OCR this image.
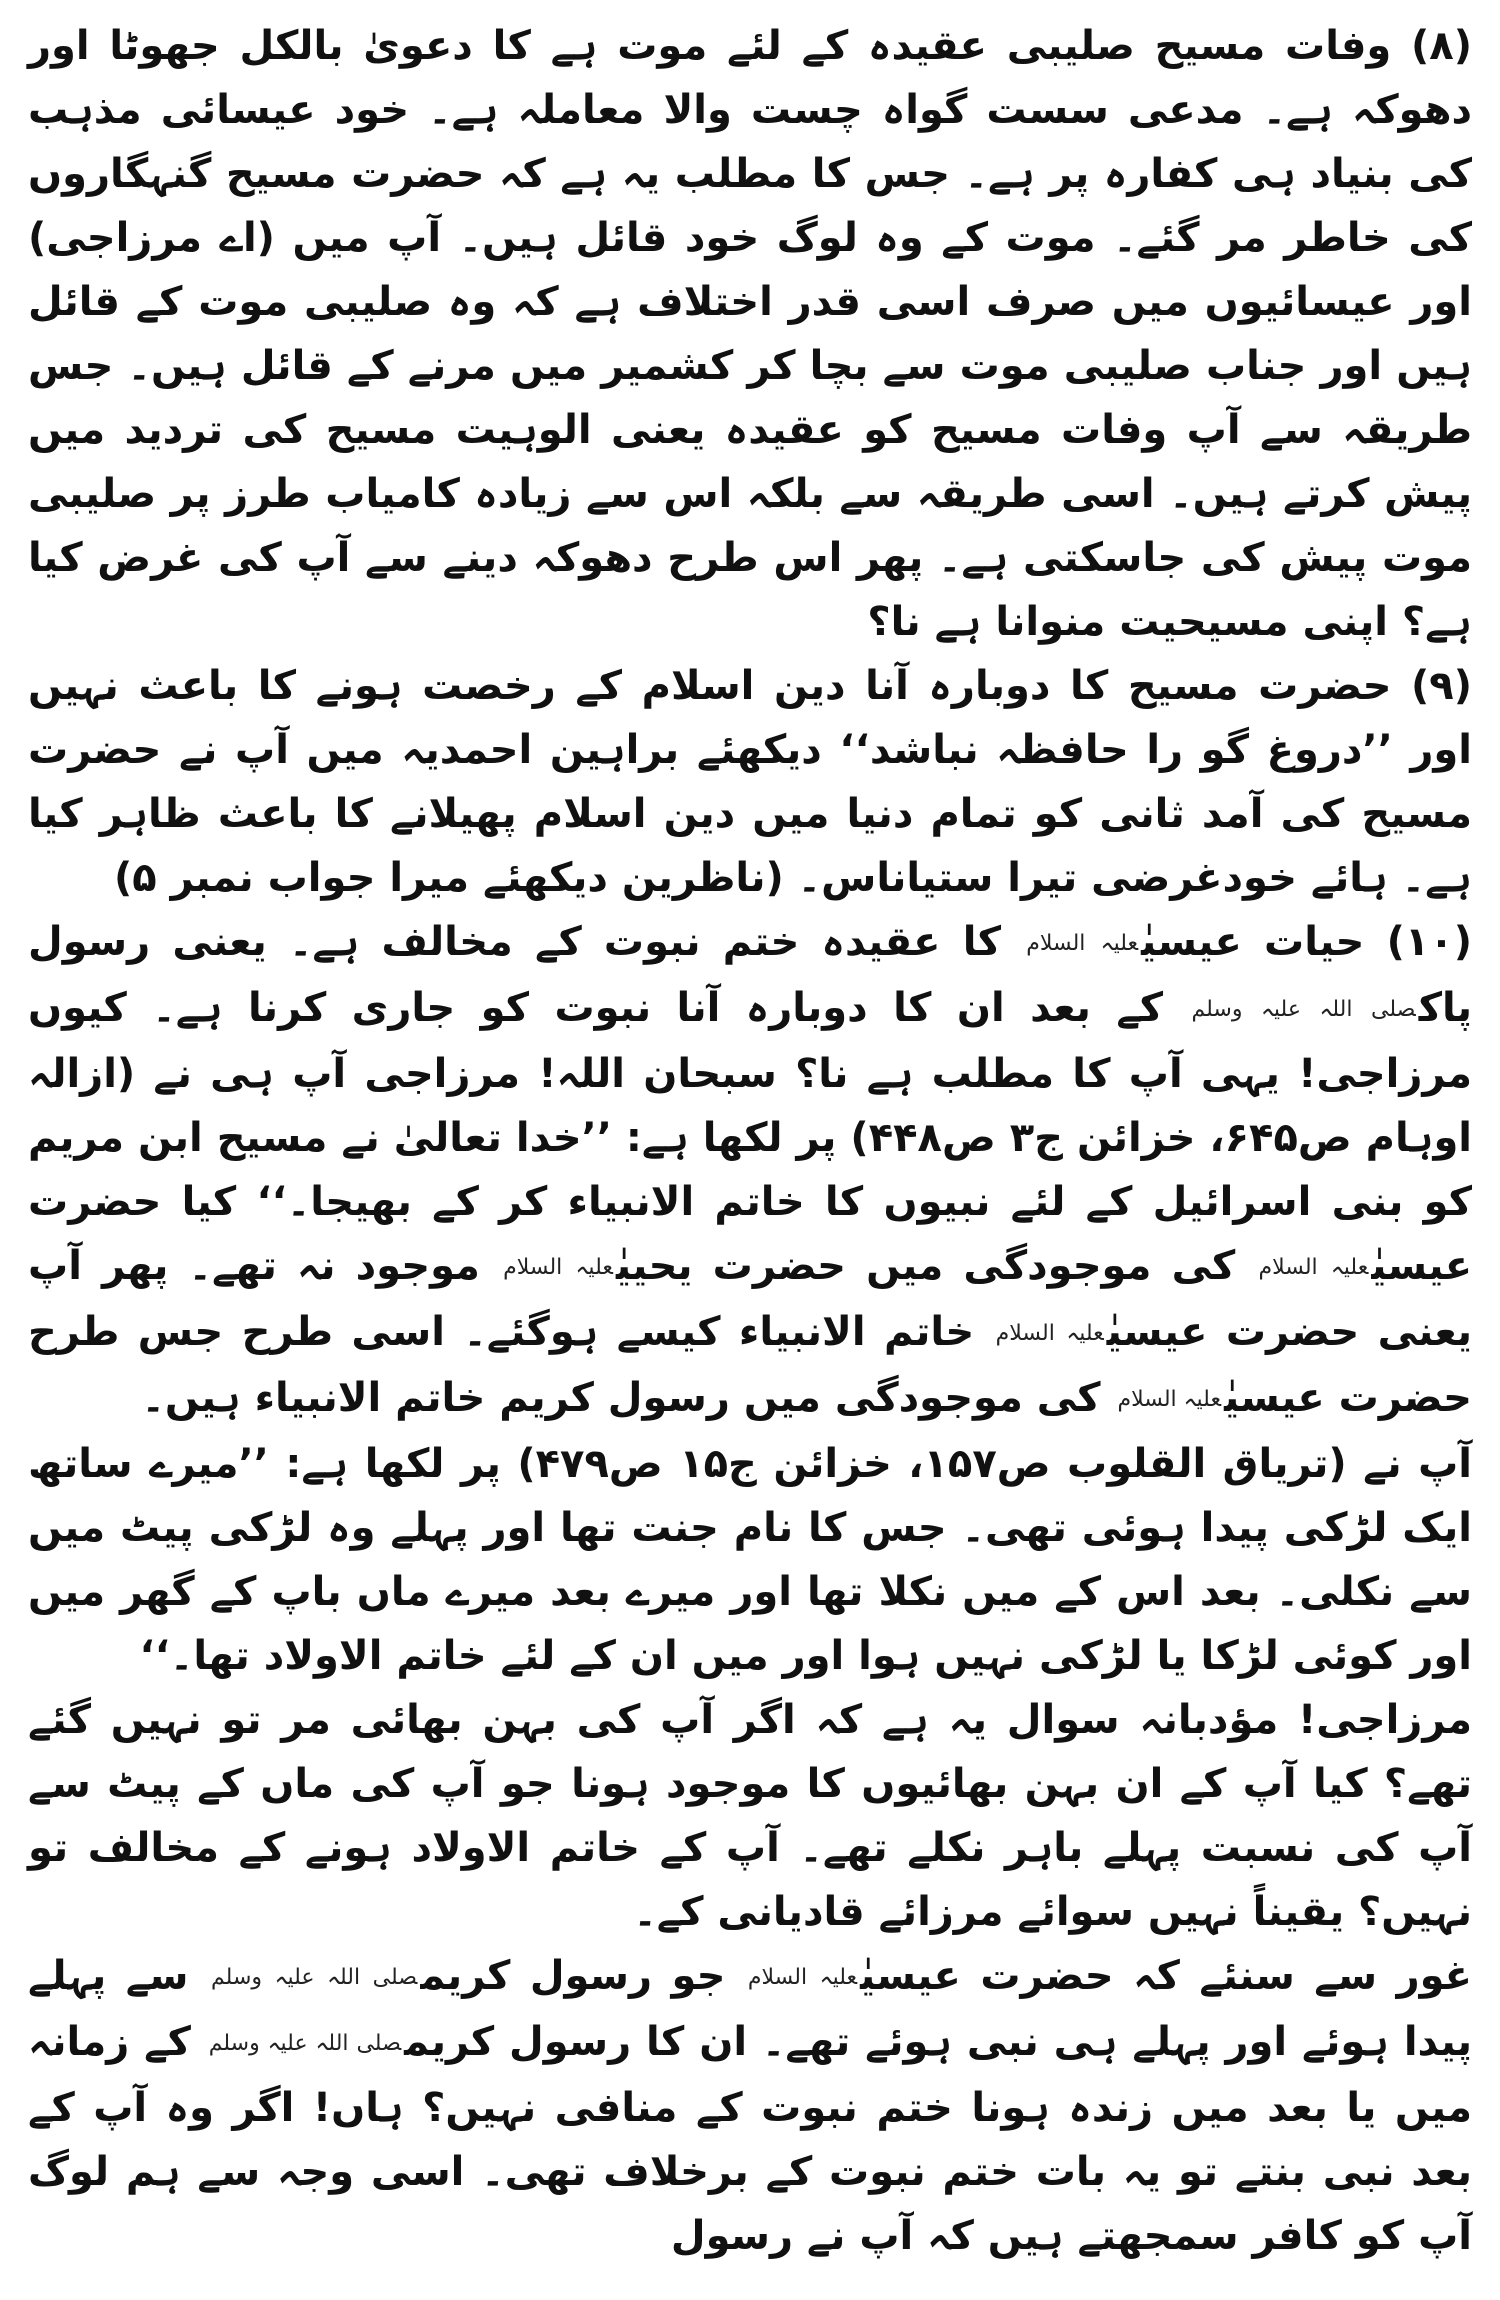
(۸) وفات مسیح صلیبی عقیدہ کے لئے موت ہے کا دعویٰ بالکل جھوٹا اور دھوکہ ہے۔ مدعی سست گواہ چست والا معاملہ ہے۔ خود عیسائی مذہب کی بنیاد ہی کفارہ پر ہے۔ جس کا مطلب یہ ہے کہ حضرت مسیح گنہگاروں کی خاطر مر گئے۔ موت کے وہ لوگ خود قائل ہیں۔ آپ میں (اے مرزاجی) اور عیسائیوں میں صرف اسی قدر اختلاف ہے کہ وہ صلیبی موت کے قائل ہیں اور جناب صلیبی موت سے بچا کر کشمیر میں مرنے کے قائل ہیں۔ جس طریقہ سے آپ وفات مسیح کو عقیدہ یعنی الوہیت مسیح کی تردید میں پیش کرتے ہیں۔ اسی طریقہ سے بلکہ اس سے زیادہ کامیاب طرز پر صلیبی موت پیش کی جاسکتی ہے۔ پھر اس طرح دھوکہ دینے سے آپ کی غرض کیا ہے؟ اپنی مسیحیت منوانا ہے نا؟

(۹) حضرت مسیح کا دوبارہ آنا دین اسلام کے رخصت ہونے کا باعث نہیں اور ’’دروغ گو را حافظہ نباشد‘‘ دیکھئے براہین احمدیہ میں آپ نے حضرت مسیح کی آمد ثانی کو تمام دنیا میں دین اسلام پھیلانے کا باعث ظاہر کیا ہے۔ ہائے خودغرضی تیرا ستیاناس۔ (ناظرین دیکھئے میرا جواب نمبر ۵)

(۱۰) حیات عیسیٰعلیہ السلام کا عقیدہ ختم نبوت کے مخالف ہے۔ یعنی رسول پاکصلی اللہ علیہ وسلم کے بعد ان کا دوبارہ آنا نبوت کو جاری کرنا ہے۔ کیوں مرزاجی! یہی آپ کا مطلب ہے نا؟ سبحان اللہ! مرزاجی آپ ہی نے (ازالہ اوہام ص۶۴۵، خزائن ج۳ ص۴۴۸) پر لکھا ہے: ’’خدا تعالیٰ نے مسیح ابن مریم کو بنی اسرائیل کے لئے نبیوں کا خاتم الانبیاء کر کے بھیجا۔‘‘ کیا حضرت عیسیٰعلیہ السلام کی موجودگی میں حضرت یحییٰعلیہ السلام موجود نہ تھے۔ پھر آپ یعنی حضرت عیسیٰعلیہ السلام خاتم الانبیاء کیسے ہوگئے۔ اسی طرح جس طرح حضرت عیسیٰعلیہ السلام کی موجودگی میں رسول کریم خاتم الانبیاء ہیں۔

آپ نے (تریاق القلوب ص۱۵۷، خزائن ج۱۵ ص۴۷۹) پر لکھا ہے: ’’میرے ساتھ ایک لڑکی پیدا ہوئی تھی۔ جس کا نام جنت تھا اور پہلے وہ لڑکی پیٹ میں سے نکلی۔ بعد اس کے میں نکلا تھا اور میرے بعد میرے ماں باپ کے گھر میں اور کوئی لڑکا یا لڑکی نہیں ہوا اور میں ان کے لئے خاتم الاولاد تھا۔‘‘

مرزاجی! مؤدبانہ سوال یہ ہے کہ اگر آپ کی بہن بھائی مر تو نہیں گئے تھے؟ کیا آپ کے ان بہن بھائیوں کا موجود ہونا جو آپ کی ماں کے پیٹ سے آپ کی نسبت پہلے باہر نکلے تھے۔ آپ کے خاتم الاولاد ہونے کے مخالف تو نہیں؟ یقیناً نہیں سوائے مرزائے قادیانی کے۔

غور سے سنئے کہ حضرت عیسیٰعلیہ السلام جو رسول کریمصلی اللہ علیہ وسلم سے پہلے پیدا ہوئے اور پہلے ہی نبی ہوئے تھے۔ ان کا رسول کریمصلی اللہ علیہ وسلم کے زمانہ میں یا بعد میں زندہ ہونا ختم نبوت کے منافی نہیں؟ ہاں! اگر وہ آپ کے بعد نبی بنتے تو یہ بات ختم نبوت کے برخلاف تھی۔ اسی وجہ سے ہم لوگ آپ کو کافر سمجھتے ہیں کہ آپ نے رسول
